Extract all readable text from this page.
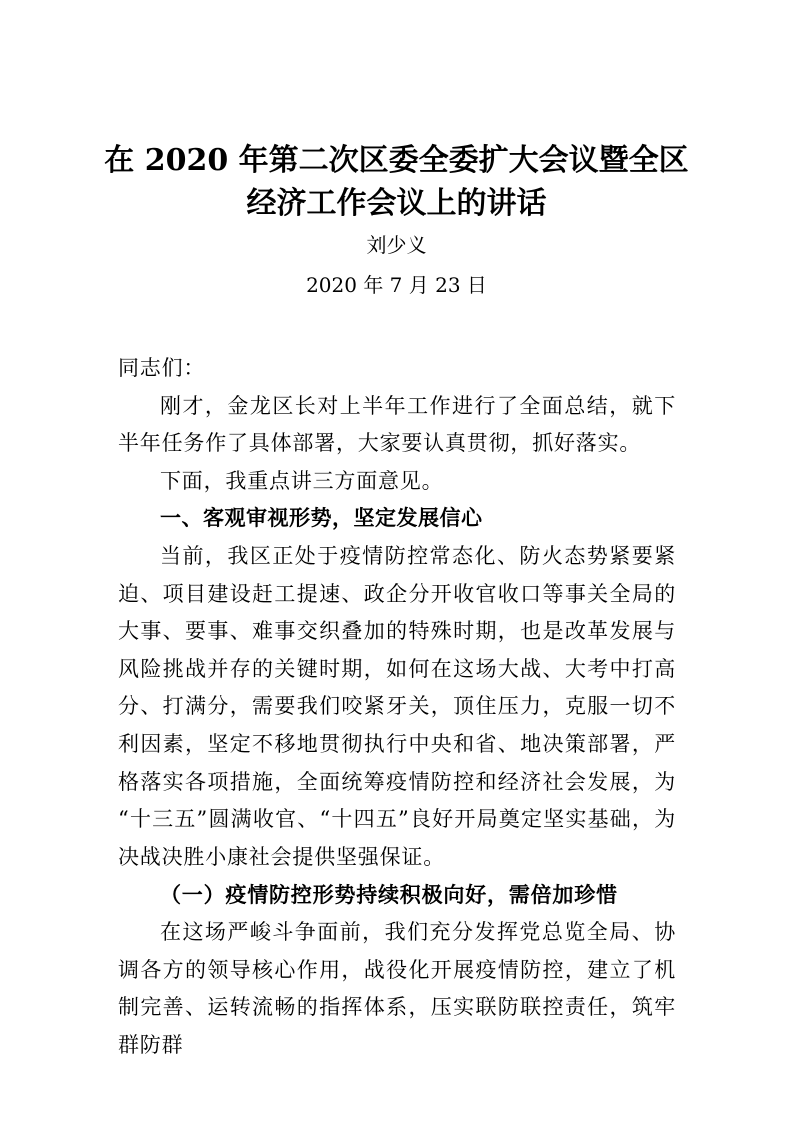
在 2020 年第二次区委全委扩大会议暨全区
经济工作会议上的讲话
刘少义
2020 年 7 月 23 日

同志们：

刚才，金龙区长对上半年工作进行了全面总结，就下半年任务作了具体部署，大家要认真贯彻，抓好落实。

下面，我重点讲三方面意见。

一、客观审视形势，坚定发展信心

当前，我区正处于疫情防控常态化、防火态势紧要紧迫、项目建设赶工提速、政企分开收官收口等事关全局的大事、要事、难事交织叠加的特殊时期，也是改革发展与风险挑战并存的关键时期，如何在这场大战、大考中打高分、打满分，需要我们咬紧牙关，顶住压力，克服一切不利因素，坚定不移地贯彻执行中央和省、地决策部署，严格落实各项措施，全面统筹疫情防控和经济社会发展，为“十三五”圆满收官、“十四五”良好开局奠定坚实基础，为决战决胜小康社会提供坚强保证。

（一）疫情防控形势持续积极向好，需倍加珍惜

在这场严峻斗争面前，我们充分发挥党总览全局、协调各方的领导核心作用，战役化开展疫情防控，建立了机制完善、运转流畅的指挥体系，压实联防联控责任，筑牢群防群
